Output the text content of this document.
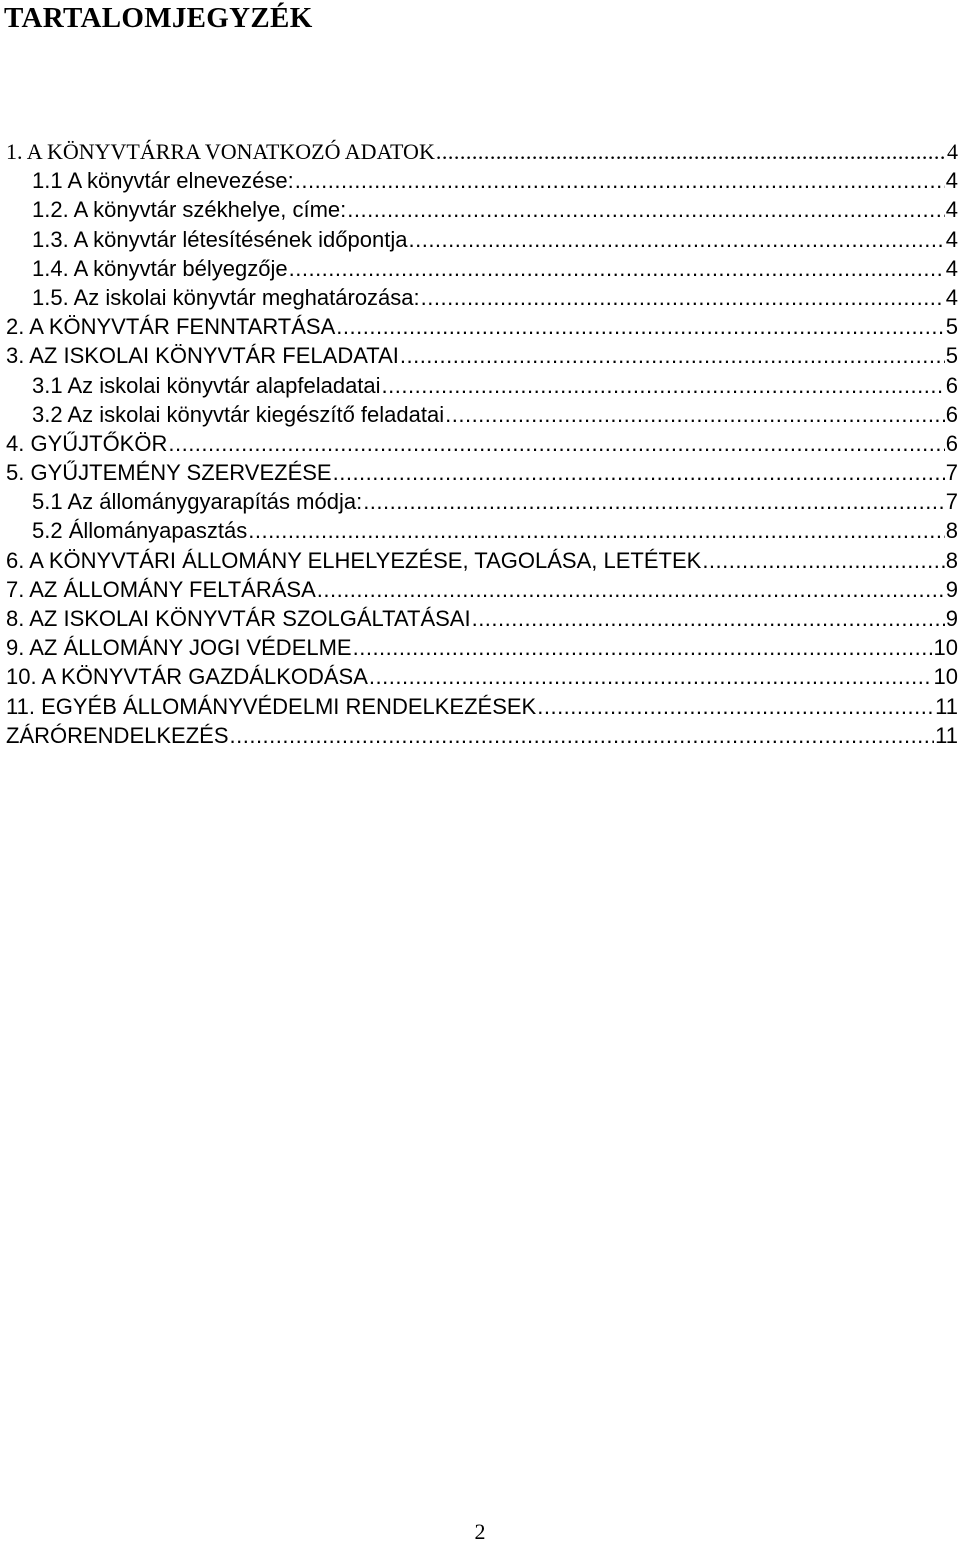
TARTALOMJEGYZÉK
1. A KÖNYVTÁRRA VONATKOZÓ ADATOK .....	4
1.1 A könyvtár elnevezése: .....	4
1.2. A könyvtár székhelye, címe: .....	4
1.3. A könyvtár létesítésének időpontja .....	4
1.4. A könyvtár bélyegzője .....	4
1.5. Az iskolai könyvtár meghatározása: .....	4
2. A KÖNYVTÁR FENNTARTÁSA .....	5
3. AZ ISKOLAI KÖNYVTÁR FELADATAI .....	5
3.1 Az iskolai könyvtár alapfeladatai .....	6
3.2 Az iskolai könyvtár kiegészítő feladatai .....	6
4. GYŰJTŐKÖR .....	6
5. GYŰJTEMÉNY SZERVEZÉSE .....	7
5.1 Az állománygyarapítás módja: .....	7
5.2 Állományapasztás .....	8
6. A KÖNYVTÁRI ÁLLOMÁNY ELHELYEZÉSE, TAGOLÁSA, LETÉTEK .....	8
7. AZ ÁLLOMÁNY FELTÁRÁSA .....	9
8. AZ ISKOLAI KÖNYVTÁR SZOLGÁLTATÁSAI .....	9
9. AZ ÁLLOMÁNY JOGI VÉDELME .....	10
10. A KÖNYVTÁR GAZDÁLKODÁSA .....	10
11. EGYÉB ÁLLOMÁNYVÉDELMI RENDELKEZÉSEK .....	11
ZÁRÓRENDELKEZÉS .....	11
2
